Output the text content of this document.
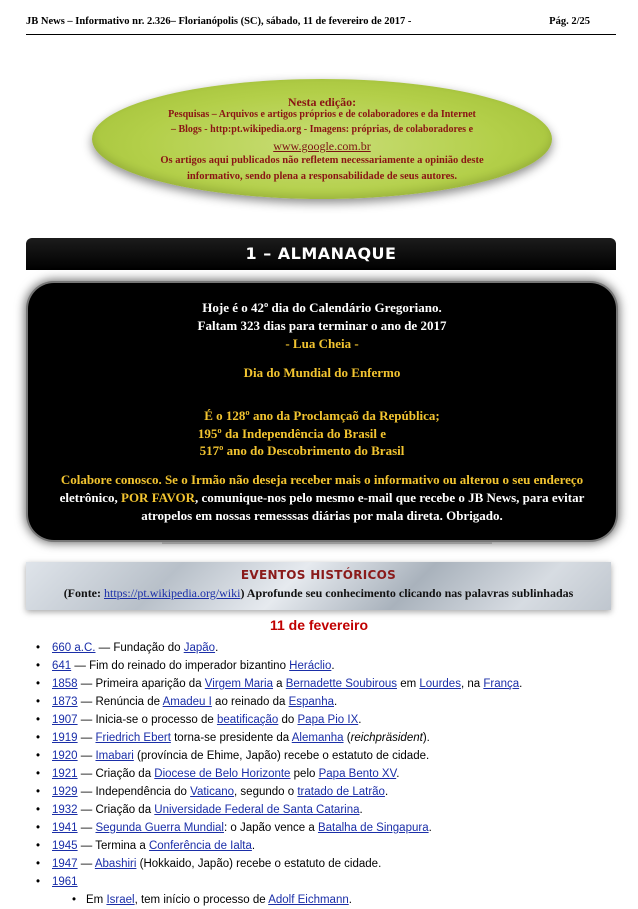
JB News – Informativo nr. 2.326– Florianópolis (SC), sábado, 11 de fevereiro de 2017 -	Pág. 2/25
Nesta edição:
Pesquisas – Arquivos e artigos próprios e de colaboradores e da Internet
– Blogs - http:pt.wikipedia.org - Imagens: próprias, de colaboradores e
www.google.com.br
Os artigos aqui publicados não refletem necessariamente a opinião deste
informativo, sendo plena a responsabilidade de seus autores.
1 – ALMANAQUE
Hoje é o 42º dia do Calendário Gregoriano.
Faltam 323 dias para terminar o ano de 2017
- Lua Cheia -
Dia do Mundial do Enfermo
É o 128º ano da Proclamçaõ da República;
195º da Independência do Brasil e
517º ano do Descobrimento do Brasil
Colabore conosco. Se o Irmão não deseja receber mais o informativo ou alterou o seu endereço
eletrônico, POR FAVOR, comunique-nos pelo mesmo e-mail que recebe o JB News, para evitar
atropelos em nossas remesssas diárias por mala direta. Obrigado.
EVENTOS HISTÓRICOS
(Fonte: https://pt.wikipedia.org/wiki) Aprofunde seu conhecimento clicando nas palavras sublinhadas
11 de fevereiro
• 660 a.C. — Fundação do Japão.
• 641 — Fim do reinado do imperador bizantino Heráclio.
• 1858 — Primeira aparição da Virgem Maria a Bernadette Soubirous em Lourdes, na França.
• 1873 — Renúncia de Amadeu I ao reinado da Espanha.
• 1907 — Inicia-se o processo de beatificação do Papa Pio IX.
• 1919 — Friedrich Ebert torna-se presidente da Alemanha (reichpräsident).
• 1920 — Imabari (província de Ehime, Japão) recebe o estatuto de cidade.
• 1921 — Criação da Diocese de Belo Horizonte pelo Papa Bento XV.
• 1929 — Independência do Vaticano, segundo o tratado de Latrão.
• 1932 — Criação da Universidade Federal de Santa Catarina.
• 1941 — Segunda Guerra Mundial: o Japão vence a Batalha de Singapura.
• 1945 — Termina a Conferência de Ialta.
• 1947 — Abashiri (Hokkaido, Japão) recebe o estatuto de cidade.
• 1961
• Em Israel, tem início o processo de Adolf Eichmann.
